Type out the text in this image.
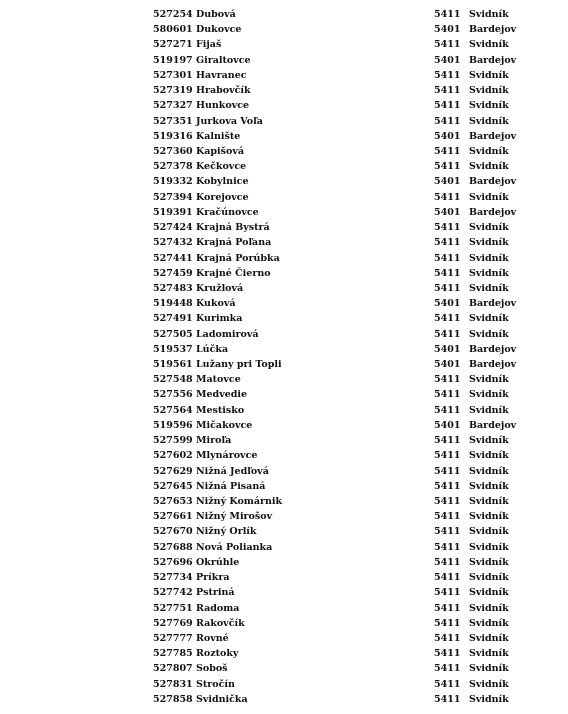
527254 Dubová	5411 Svidník
580601 Dukovce	5401 Bardejov
527271 Fijaš	5411 Svidník
519197 Giraltovce	5401 Bardejov
527301 Havranec	5411 Svidník
527319 Hrabovčík	5411 Svidník
527327 Hunkovce	5411 Svidník
527351 Jurkova Voľa	5411 Svidník
519316 Kalnište	5401 Bardejov
527360 Kapišová	5411 Svidník
527378 Kečkovce	5411 Svidník
519332 Kobylnice	5401 Bardejov
527394 Korejovce	5411 Svidník
519391 Kračúnovce	5401 Bardejov
527424 Krajná Bystrá	5411 Svidník
527432 Krajná Poľana	5411 Svidník
527441 Krajná Porúbka	5411 Svidník
527459 Krajné Čierno	5411 Svidník
527483 Kružlová	5411 Svidník
519448 Kuková	5401 Bardejov
527491 Kurimka	5411 Svidník
527505 Ladomirová	5411 Svidník
519537 Lúčka	5401 Bardejov
519561 Lužany pri Topli	5401 Bardejov
527548 Matovce	5411 Svidník
527556 Medvedie	5411 Svidník
527564 Mestisko	5411 Svidník
519596 Mičakovce	5401 Bardejov
527599 Miroľa	5411 Svidník
527602 Mlynárovce	5411 Svidník
527629 Nižná Jedľová	5411 Svidník
527645 Nižná Pisaná	5411 Svidník
527653 Nižný Komárnik	5411 Svidník
527661 Nižný Mirošov	5411 Svidník
527670 Nižný Orlík	5411 Svidník
527688 Nová Polianka	5411 Svidník
527696 Okrúhle	5411 Svidník
527734 Príkra	5411 Svidník
527742 Pstriná	5411 Svidník
527751 Radoma	5411 Svidník
527769 Rakovčík	5411 Svidník
527777 Rovné	5411 Svidník
527785 Roztoky	5411 Svidník
527807 Soboš	5411 Svidník
527831 Stročín	5411 Svidník
527858 Svidnička	5411 Svidník
